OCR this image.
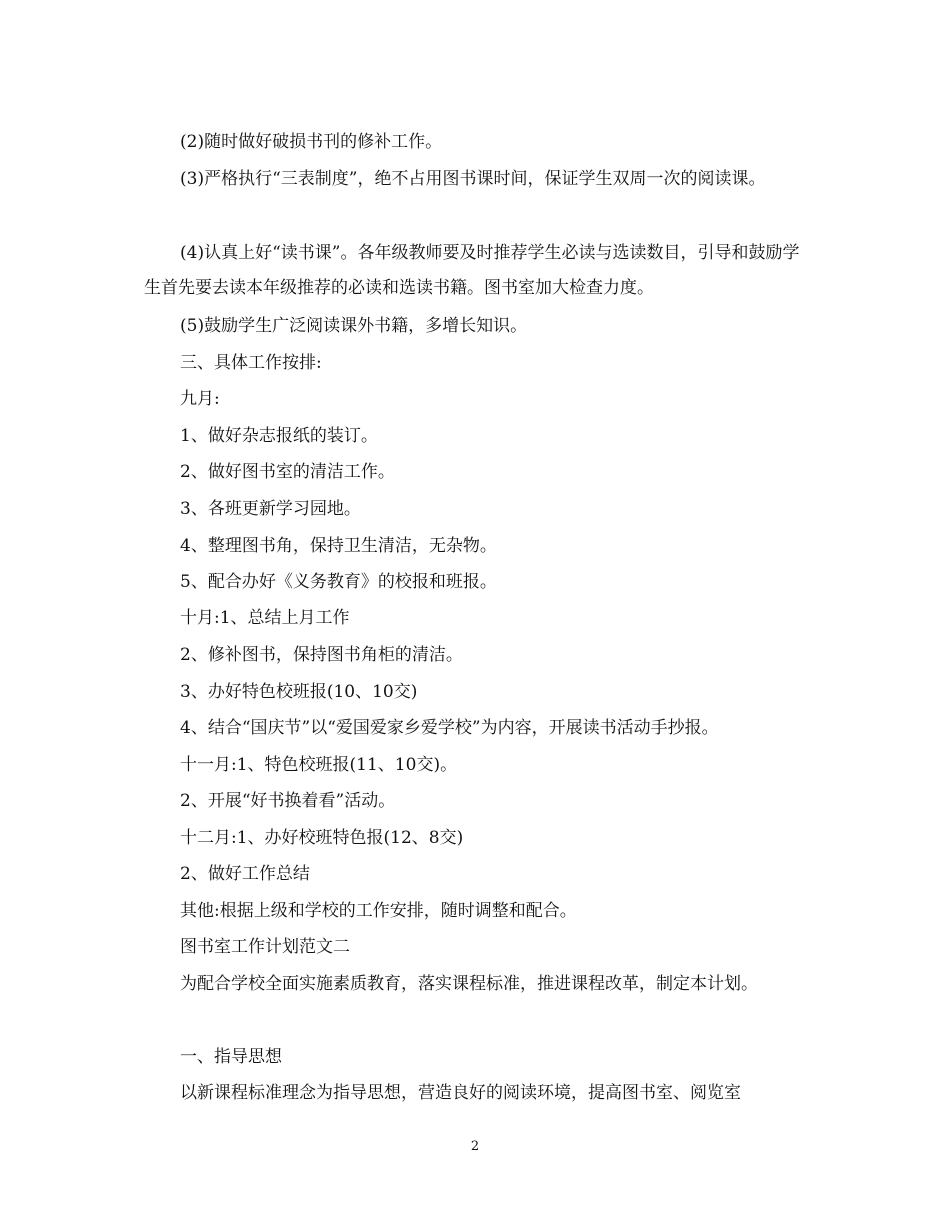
(2)随时做好破损书刊的修补工作。

(3)严格执行“三表制度”，绝不占用图书课时间，保证学生双周一次的阅读课。

(4)认真上好“读书课”。各年级教师要及时推荐学生必读与选读数目，引导和鼓励学生首先要去读本年级推荐的必读和选读书籍。图书室加大检查力度。

(5)鼓励学生广泛阅读课外书籍，多增长知识。

三、具体工作按排:

九月:

1、做好杂志报纸的装订。

2、做好图书室的清洁工作。

3、各班更新学习园地。

4、整理图书角，保持卫生清洁，无杂物。

5、配合办好《义务教育》的校报和班报。

十月:1、总结上月工作

2、修补图书，保持图书角柜的清洁。

3、办好特色校班报(10、10交)

4、结合“国庆节”以“爱国爱家乡爱学校”为内容，开展读书活动手抄报。

十一月:1、特色校班报(11、10交)。

2、开展“好书换着看”活动。

十二月:1、办好校班特色报(12、8交)

2、做好工作总结

其他:根据上级和学校的工作安排，随时调整和配合。

图书室工作计划范文二

为配合学校全面实施素质教育，落实课程标准，推进课程改革，制定本计划。

一、指导思想

以新课程标准理念为指导思想，营造良好的阅读环境，提高图书室、阅览室

2
